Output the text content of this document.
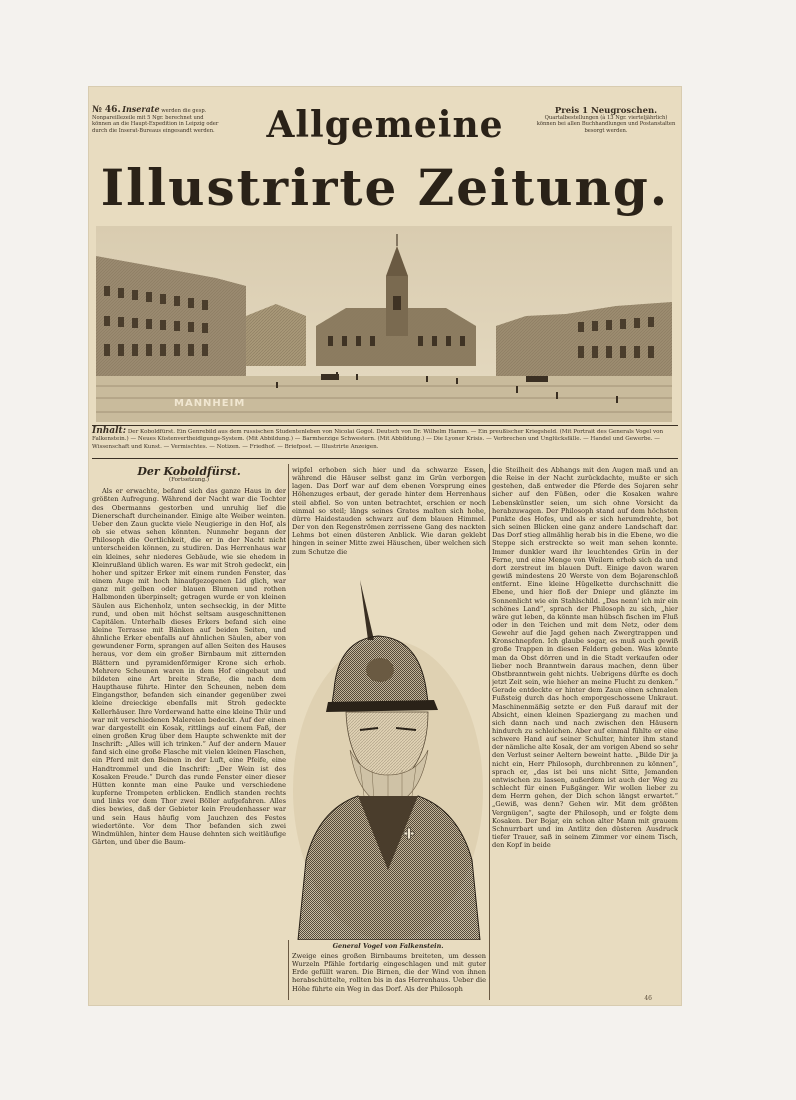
№ 46. Inserate werden die gesp. Nonpareillezeile mit 5 Ngr. berechnet und können an die Haupt-Expedition in Leipzig oder durch die Inserat-Bureaus eingesandt werden.	Allgemeine
Illustrirte Zeitung.
Preis 1 Neugroschen.
Quartalbestellungen (à 13 Ngr. vierteljährlich) können bei allen Buchhandlungen und Postanstalten besorgt werden.
MANNHEIM
Inhalt: Der Koboldfürst. Ein Genrebild aus dem russischen Studentenleben von Nicolai Gogol. Deutsch von Dr. Wilhelm Hamm. — Ein preußischer Kriegsheld. (Mit Portrait des Generals Vogel von Falkenstein.) — Neues Küstenvertheidigungs-System. (Mit Abbildung.) — Barmherzige Schwestern. (Mit Abbildung.) — Die Lyoner Krisis. — Verbrechen und Unglücksfälle. — Handel und Gewerbe. — Wissenschaft und Kunst. — Vermischtes. — Notizen. — Friedhof. — Briefpost. — Illustrirte Anzeigen.
Der Koboldfürst.
(Fortsetzung.)

Als er erwachte, befand sich das ganze Haus in der größten Aufregung. Während der Nacht war die Tochter des Obermanns gestorben und unruhig lief die Dienerschaft durcheinander. Einige alte Weiber weinten. Ueber den Zaun guckte viele Neugierige in den Hof, als ob sie etwas sehen könnten. Nunmehr begann der Philosoph die Oertlichkeit, die er in der Nacht nicht unterscheiden können, zu studiren. Das Herrenhaus war ein kleines, sehr niederes Gebäude, wie sie ehedem in Kleinrußland üblich waren. Es war mit Stroh gedeckt, ein hoher und spitzer Erker mit einem runden Fenster, das einem Auge mit hoch hinaufgezogenen Lid glich, war ganz mit gelben oder blauen Blumen und rothen Halbmonden überpinselt; getragen wurde er von kleinen Säulen aus Eichenholz, unten sechseckig, in der Mitte rund, und oben mit höchst seltsam ausgeschnittenen Capitälen. Unterhalb dieses Erkers befand sich eine kleine Terrasse mit Bänken auf beiden Seiten, und ähnliche Erker ebenfalls auf ähnlichen Säulen, aber von gewundener Form, sprangen auf allen Seiten des Hauses heraus, vor dem ein großer Birnbaum mit zitternden Blättern und pyramidenförmiger Krone sich erhob. Mehrere Scheunen waren in dem Hof eingebaut und bildeten eine Art breite Straße, die nach dem Haupthause führte. Hinter den Scheunen, neben dem Eingangsthor, befanden sich einander gegenüber zwei kleine dreieckige ebenfalls mit Stroh gedeckte Kellerhäuser. Ihre Vorderwand hatte eine kleine Thür und war mit verschiedenen Malereien bedeckt. Auf der einen war dargestellt ein Kosak, rittlings auf einem Faß, der einen großen Krug über dem Haupte schwenkte mit der Inschrift: „Alles will ich trinken.“ Auf der andern Mauer fand sich eine große Flasche mit vielen kleinen Flaschen, ein Pferd mit den Beinen in der Luft, eine Pfeife, eine Handtrommel und die Inschrift: „Der Wein ist des Kosaken Freude.“ Durch das runde Fenster einer dieser Hütten konnte man eine Pauke und verschiedene kupferne Trompeten erblicken. Endlich standen rechts und links vor dem Thor zwei Böller aufgefahren. Alles dies bewies, daß der Gebieter kein Freudenhasser war und sein Haus häufig vom Jauchzen des Festes wiedertönte. Vor dem Thor befanden sich zwei Windmühlen, hinter dem Hause dehnten sich weitläufige Gärten, und über die Baum-

wipfel erhoben sich hier und da schwarze Essen, während die Häuser selbst ganz im Grün verborgen lagen. Das Dorf war auf dem ebenen Vorsprung eines Höhenzuges erbaut, der gerade hinter dem Herrenhaus steil abfiel. So von unten betrachtet, erschien er noch einmal so steil; längs seines Grates malten sich hohe, dürre Haidestauden schwarz auf dem blauen Himmel. Der von den Regenströmen zerrissene Gang des nackten Lehms bot einen düsteren Anblick. Wie daran geklebt hingen in seiner Mitte zwei Häuschen, über welchen sich zum Schutze die

General Vogel von Falkenstein.

Zweige eines großen Birnbaums breiteten, um dessen Wurzeln Pfähle fortdarig eingeschlagen und mit guter Erde gefüllt waren. Die Birnen, die der Wind von ihnen herabschüttelte, rollten bis in das Herrenhaus. Ueber die Höhe führte ein Weg in das Dorf. Als der Philosoph

die Steilheit des Abhangs mit den Augen maß und an die Reise in der Nacht zurückdachte, mußte er sich gestehen, daß entweder die Pferde des Sojaren sehr sicher auf den Füßen, oder die Kosaken wahre Lebenskünstler seien, um sich ohne Vorsicht da herabzuwagen. Der Philosoph stand auf dem höchsten Punkte des Hofes, und als er sich herumdrehte, bot sich seinen Blicken eine ganz andere Landschaft dar. Das Dorf stieg allmählig herab bis in die Ebene, wo die Steppe sich erstreckte so weit man sehen konnte. Immer dunkler ward ihr leuchtendes Grün in der Ferne, und eine Menge von Weilern erhob sich da und dort zerstreut im blauen Duft. Einige davon waren gewiß mindestens 20 Werste von dem Bojarenschloß entfernt. Eine kleine Hügelkette durchschnitt die Ebene, und hier floß der Dniepr und glänzte im Sonnenlicht wie ein Stahlschild. „Das nenn' ich mir ein schönes Land“, sprach der Philosoph zu sich, „hier wäre gut leben, da könnte man hübsch fischen im Fluß oder in den Teichen und mit dem Netz, oder dem Gewehr auf die Jagd gehen nach Zwergtrappen und Kronschnepfen. Ich glaube sogar, es muß auch gewiß große Trappen in diesen Feldern geben. Was könnte man da Obst dörren und in die Stadt verkaufen oder lieber noch Branntwein daraus machen, denn über Obstbranntwein geht nichts. Uebrigens dürfte es doch jetzt Zeit sein, wie hieher an meine Flucht zu denken.“ Gerade entdeckte er hinter dem Zaun einen schmalen Fußsteig durch das hoch emporgeschossene Unkraut. Maschinenmäßig setzte er den Fuß darauf mit der Absicht, einen kleinen Spaziergang zu machen und sich dann nach und nach zwischen den Häusern hindurch zu schleichen. Aber auf einmal fühlte er eine schwere Hand auf seiner Schulter, hinter ihm stand der nämliche alte Kosak, der am vorigen Abend so sehr den Verlust seiner Aeltern beweint hatte. „Bilde Dir ja nicht ein, Herr Philosoph, durchbrennen zu können“, sprach er, „das ist bei uns nicht Sitte, Jemanden entwischen zu lassen, außerdem ist auch der Weg zu schlecht für einen Fußgänger. Wir wollen lieber zu dem Herrn gehen, der Dich schon längst erwartet.“ „Gewiß, was denn? Gehen wir. Mit dem größten Vergnügen“, sagte der Philosoph, und er folgte dem Kosaken. Der Bojar, ein schon alter Mann mit grauem Schnurrbart und im Antlitz den düsteren Ausdruck tiefer Trauer, saß in seinem Zimmer vor einem Tisch, den Kopf in beide

46
